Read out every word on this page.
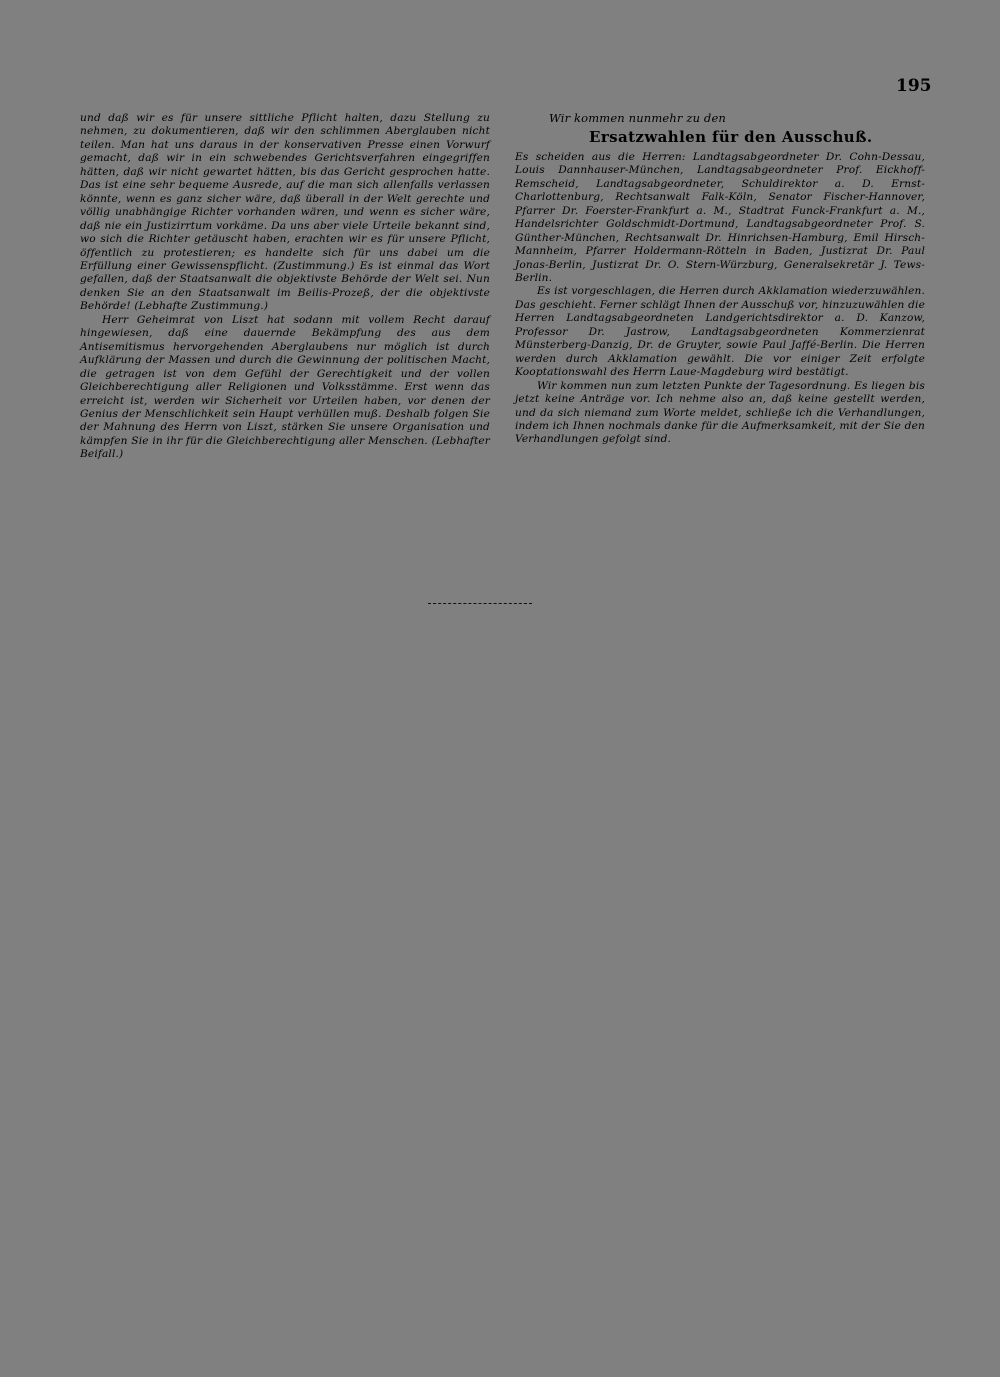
195

und daß wir es für unsere sittliche Pflicht halten, dazu Stellung zu nehmen, zu dokumentieren, daß wir den schlimmen Aberglauben nicht teilen. Man hat uns daraus in der konservativen Presse einen Vorwurf gemacht, daß wir in ein schwebendes Gerichtsverfahren eingegriffen hätten, daß wir nicht gewartet hätten, bis das Gericht gesprochen hatte. Das ist eine sehr bequeme Ausrede, auf die man sich allenfalls verlassen könnte, wenn es ganz sicher wäre, daß überall in der Welt gerechte und völlig unabhängige Richter vorhanden wären, und wenn es sicher wäre, daß nie ein Justizirrtum vorkäme. Da uns aber viele Urteile bekannt sind, wo sich die Richter getäuscht haben, erachten wir es für unsere Pflicht, öffentlich zu protestieren; es handelte sich für uns dabei um die Erfüllung einer Gewissenspflicht. (Zustimmung.) Es ist einmal das Wort gefallen, daß der Staatsanwalt die objektivste Behörde der Welt sei. Nun denken Sie an den Staatsanwalt im Beilis-Prozeß, der die objektivste Behörde! (Lebhafte Zustimmung.)

Herr Geheimrat von Liszt hat sodann mit vollem Recht darauf hingewiesen, daß eine dauernde Bekämpfung des aus dem Antisemitismus hervorgehenden Aberglaubens nur möglich ist durch Aufklärung der Massen und durch die Gewinnung der politischen Macht, die getragen ist von dem Gefühl der Gerechtigkeit und der vollen Gleichberechtigung aller Religionen und Volksstämme. Erst wenn das erreicht ist, werden wir Sicherheit vor Urteilen haben, vor denen der Genius der Menschlichkeit sein Haupt verhüllen muß. Deshalb folgen Sie der Mahnung des Herrn von Liszt, stärken Sie unsere Organisation und kämpfen Sie in ihr für die Gleichberechtigung aller Menschen. (Lebhafter Beifall.)

Wir kommen nunmehr zu den
Ersatzwahlen für den Ausschuß.

Es scheiden aus die Herren: Landtagsabgeordneter Dr. Cohn-Dessau, Louis Dannhauser-München, Landtagsabgeordneter Prof. Eickhoff-Remscheid, Landtagsabgeordneter, Schuldirektor a. D. Ernst-Charlottenburg, Rechtsanwalt Falk-Köln, Senator Fischer-Hannover, Pfarrer Dr. Foerster-Frankfurt a. M., Stadtrat Funck-Frankfurt a. M., Handelsrichter Goldschmidt-Dortmund, Landtagsabgeordneter Prof. S. Günther-München, Rechtsanwalt Dr. Hinrichsen-Hamburg, Emil Hirsch-Mannheim, Pfarrer Holdermann-Rötteln in Baden, Justizrat Dr. Paul Jonas-Berlin, Justizrat Dr. O. Stern-Würzburg, Generalsekretär J. Tews-Berlin.

Es ist vorgeschlagen, die Herren durch Akklamation wiederzuwählen. Das geschieht. Ferner schlägt Ihnen der Ausschuß vor, hinzuzuwählen die Herren Landtagsabgeordneten Landgerichtsdirektor a. D. Kanzow, Professor Dr. Jastrow, Landtagsabgeordneten Kommerzienrat Münsterberg-Danzig, Dr. de Gruyter, sowie Paul Jaffé-Berlin. Die Herren werden durch Akklamation gewählt. Die vor einiger Zeit erfolgte Kooptationswahl des Herrn Laue-Magdeburg wird bestätigt.

Wir kommen nun zum letzten Punkte der Tagesordnung. Es liegen bis jetzt keine Anträge vor. Ich nehme also an, daß keine gestellt werden, und da sich niemand zum Worte meldet, schließe ich die Verhandlungen, indem ich Ihnen nochmals danke für die Aufmerksamkeit, mit der Sie den Verhandlungen gefolgt sind.
